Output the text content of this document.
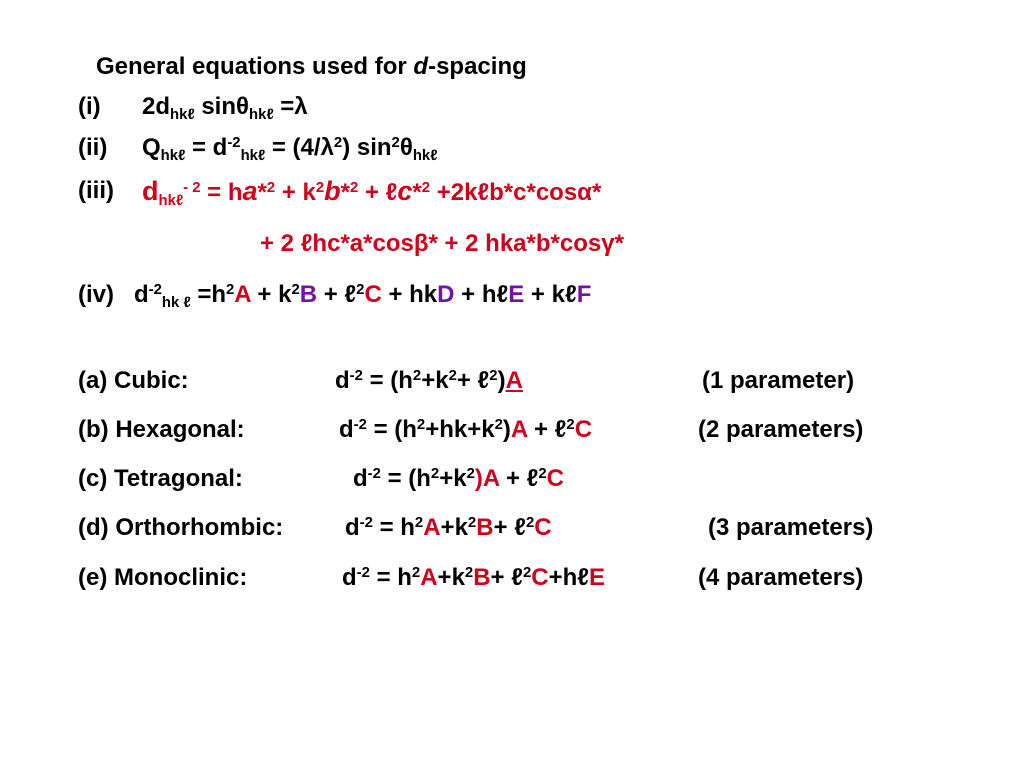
General equations used for d-spacing
(i) $2d_{hk\ell}$ sinθ$_{hk\ell}$ =λ
(ii) $Q_{hk\ell} = d^{-2}_{hk\ell} = (4/\lambda^2)$ $\sin^2\theta_{hk\ell}$
(iii) $d_{hk\ell}^{- 2} = ha*^2 + k^2b*^2$ + ℓc*$^2$ +2kℓb*c*cosα*
+ 2 ℓhc*a*cosβ* + 2 hka*b*cosγ*
(iv) $d^{-2}_{hk \ell} =h^2A + k^2B$ + ℓ$^2$C + hkD + hℓE + kℓF
(a) Cubic:	$d^{-2} = (h^2+k^2+$ ℓ$^2$)A	(1 parameter)
(b) Hexagonal:	$d^{-2} = (h^2+hk+k^2)A$ + ℓ$^2$C	(2 parameters)
(c) Tetragonal:	$d^{-2} = (h^2+k^2)A$ + ℓ$^2$C
(d) Orthorhombic:	$d^{-2} = h^2A+k^2B+$ ℓ$^2$C	(3 parameters)
(e) Monoclinic:	$d^{-2} = h^2A+k^2B+$ ℓ$^2$C+hℓE	(4 parameters)
